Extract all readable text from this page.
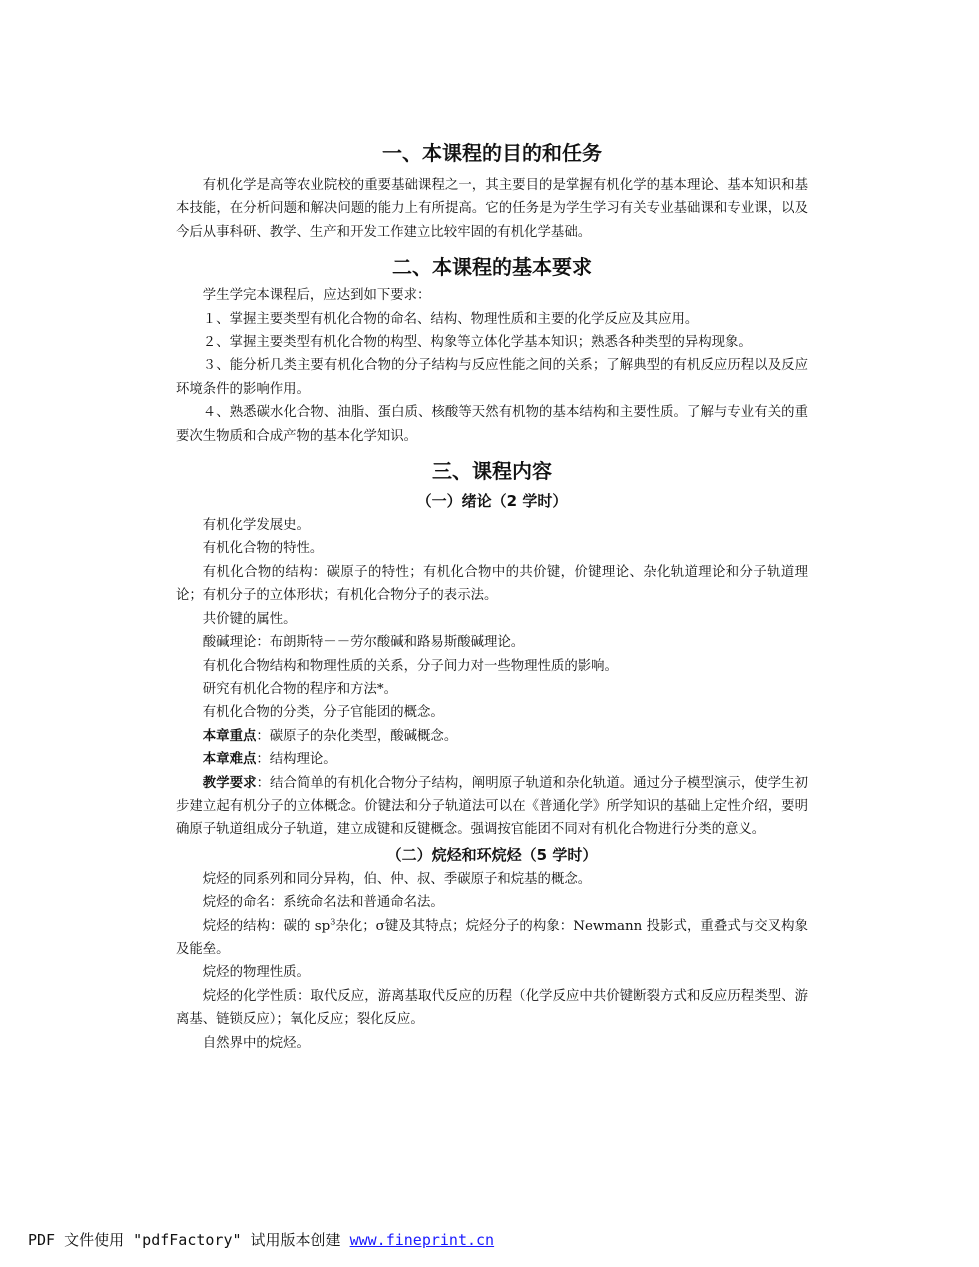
一、本课程的目的和任务

有机化学是高等农业院校的重要基础课程之一，其主要目的是掌握有机化学的基本理论、基本知识和基本技能，在分析问题和解决问题的能力上有所提高。它的任务是为学生学习有关专业基础课和专业课，以及今后从事科研、教学、生产和开发工作建立比较牢固的有机化学基础。

二、本课程的基本要求

学生学完本课程后，应达到如下要求：

１、掌握主要类型有机化合物的命名、结构、物理性质和主要的化学反应及其应用。

２、掌握主要类型有机化合物的构型、构象等立体化学基本知识；熟悉各种类型的异构现象。

３、能分析几类主要有机化合物的分子结构与反应性能之间的关系；了解典型的有机反应历程以及反应环境条件的影响作用。

４、熟悉碳水化合物、油脂、蛋白质、核酸等天然有机物的基本结构和主要性质。了解与专业有关的重要次生物质和合成产物的基本化学知识。

三、课程内容
（一）绪论（2 学时）

有机化学发展史。

有机化合物的特性。

有机化合物的结构：碳原子的特性；有机化合物中的共价键，价键理论、杂化轨道理论和分子轨道理论；有机分子的立体形状；有机化合物分子的表示法。

共价键的属性。

酸碱理论：布朗斯特－－劳尔酸碱和路易斯酸碱理论。

有机化合物结构和物理性质的关系，分子间力对一些物理性质的影响。

研究有机化合物的程序和方法*。

有机化合物的分类，分子官能团的概念。

本章重点：碳原子的杂化类型，酸碱概念。

本章难点：结构理论。

教学要求：结合简单的有机化合物分子结构，阐明原子轨道和杂化轨道。通过分子模型演示，使学生初步建立起有机分子的立体概念。价键法和分子轨道法可以在《普通化学》所学知识的基础上定性介绍，要明确原子轨道组成分子轨道，建立成键和反键概念。强调按官能团不同对有机化合物进行分类的意义。

（二）烷烃和环烷烃（5 学时）

烷烃的同系列和同分异构，伯、仲、叔、季碳原子和烷基的概念。

烷烃的命名：系统命名法和普通命名法。

烷烃的结构：碳的 $sp^3$杂化；σ键及其特点；烷烃分子的构象：Newmann 投影式，重叠式与交叉构象及能垒。

烷烃的物理性质。

烷烃的化学性质：取代反应，游离基取代反应的历程（化学反应中共价键断裂方式和反应历程类型、游离基、链锁反应）；氧化反应；裂化反应。

自然界中的烷烃。

PDF 文件使用 "pdfFactory" 试用版本创建 www.fineprint.cn
